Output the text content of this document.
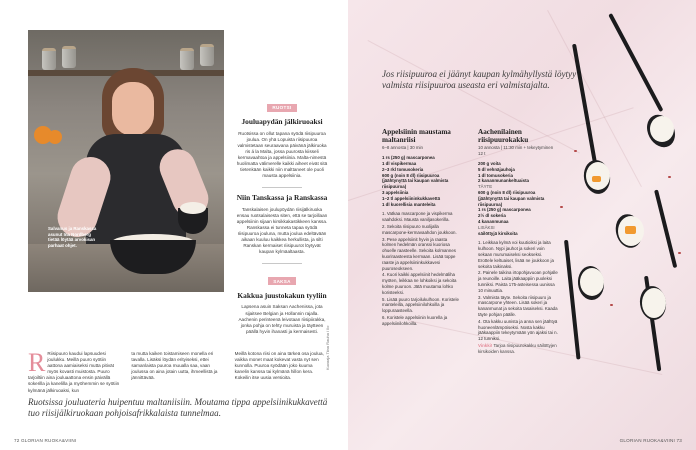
Salvanus ja Ranskassa asunut Ina Nordberg tietää löytää arvokisan parhaat ohjet.
RUOTSI
Jouluapydän jälkiruoaksi
Ruotsissa on ollut tapana syödä riisipuuroa joulua. On yhä Lopuista riisipuuroa valmistetaan seuraavana päivänä jälkiruoka ris á la Malta, jossa puurosta kiisseli kermavaahtoa ja appelsiinia. Malta-nimestä huolimatta välimerelle kaikki aiheet eivät sitä tietenkään kaikki niin malttaneet ole puoli mausta appelsiinia.
Niin Tanskassa ja Ranskassa
Tanskalaisen joulupöydän riisijälkiruoka ensau ruotsalaisesta siten, että se tarjoillaan appelsiinin sijaan kirsikkakastikkeen kanssa. Ranskassa ei tunneta tapaa syödä riisipuuroa jouluna, mutta joulua edeltävään aikaan kuuluu kaikkea herkullista, ja silti Ranskan kermaiset riisipuurot löytyvät kaupan kylmäaltaasta.
SAKSA
Kakkua juustokakun tyyliin
Lapsena asuin Saksan Aachenissa, jota sijaitsee Belgian ja Hollannin rajalla. Aachenin perinteenä leivotaan riisipiirakka, jonka pohja on tehty muruista ja täytteen päällä hyvin ihanasti ja kermaisesti.
R Riisipuuro kaudui lapsuudesi joulukku. Meillä puuro syötiin aattona aamiaiseksi mutta pitivät myös kovasti muistosta. Puuro tarjoiltiin aina jouluaattona ensin päivällä sokerilla ja kanelilla ja myöhemmin se syötiin kylmänä jälkiruoaksi, kun
ta mutta kaiken toistamiseen monella eri tavalla. Lisäksi löydän erityiseksi, ettei samanlaista puuroa muualla saa, vaan joulussa on aina jotain uutta, ihmeellistä ja jännittävää.
Meillä kotona riisi on aina tärkeä osa joulua, vaikka monet maat kokevat vasta nyt sen kunnolla. Puuroa syödään joko kuuma kanelin kanssa tai kylmänä hillon kera. Kokeilin itse uusia versioita.
Ruotsissa jouluateria huipentuu maltaniisiin. Moutama tippa appelsiinikukkavettä tuo riisijälkiruokaan pohjoisafrikkalaista tunnelmaa.
Kuvaaja Tiina Rauha / Ilo
72 GLORIAN RUOKA&VIINI	GLORIAN RUOKA&VIINI 73
Jos riisipuuroa ei jäänyt kaupan kylmähyllystä löytyy valmista riisipuuroa useasta eri valmistajalta.
Appelsiinin maustama maltanriisi
6–8 annosta | 30 min
1 rs (250 g) mascarponea
1 dl vispikermaa
2–3 rkl tomusokeria
600 g (noin 8 dl) riisipuuroa (jäähtynyttä tai kaupan valmista riisipuuroa)
3 appelsiinia
1–2 tl appelsiininkukkavettä
1 dl kuorellisia manteleita

1. Vatkaa mascarpone ja vispikerma vaahdoksi. Mausta vaniljasokerilla.

2. Sekoita riisipuuro nuolijalla mascarpone-kermavaahdon joukkoon.

3. Pese appelsiinit hyvin ja raasta kolmen hedelmän oranssi kuoriosa ohuelle raasteelle. Sekoita kolmannes kuoriraasteesta kermaan. Lisää toppe raaste ja appelsiininkukkavesi puuroseokseen.

4. Kuori kaikki appelsiinit hedelmäliha myöten, leikkaa ne lohkoiksi ja sekoita kolme puuroon. Jätä muutama lohko koristeeksi.

5. Lisää puuro tarjoilukulhoon. Koristele manteleilla, appelsiinilohkoilla ja loppuraasteella.

6. Koristele appelsiinin kuorella ja appelsiinilohkoilla.

Aachenilainen riisipuurokakku
10 annosta | 11:30 min + tekeytyminen 12 t
200 g voita
5 dl vehnäjauhoja
1 dl tomusokeria
2 kananmunankeltuaista
TÄYTE
600 g (noin 8 dl) riisipuuroa (jäähtynyttä tai kaupan valmista riisipuuroa)
1 rs (250 g) mascarponea
2½ dl sokeria
4 kananmunaa
LISÄKSI
säilöttyjä kirsikoita

1. Leikkaa kylmä voi kuutioiksi ja laita kulhoon. Nypi jauhot ja sokeri voin sekaan murumaiseksi seokseksi. Erottele keltuaiset, lisää ne joukkoon ja sekoita taikinaksi.

2. Painele taikina irtopohjavuoan pohjalle ja reunoille. Laita jääkaappiin puoleksi tunniksi. Paista 175-asteisessa uunissa 10 minuuttia.

3. Valmista täyte. Sekoita riisipuuro ja mascarpone yhteen. Lisää sokeri ja kananmunat ja sekoita tasaiseksi. Kaada täyte pohjan päälle.

4. Ota kakku uunista ja anna sen jäähtyä huoneenlämpöiseksi. Nosta kakku jääkaappiin tekeytymään yön ajaksi tai n. 12 tunniksi.

Vinkki! Tarjoa riisipuurokakku säilöttyjen kirsikoiden kanssa.
